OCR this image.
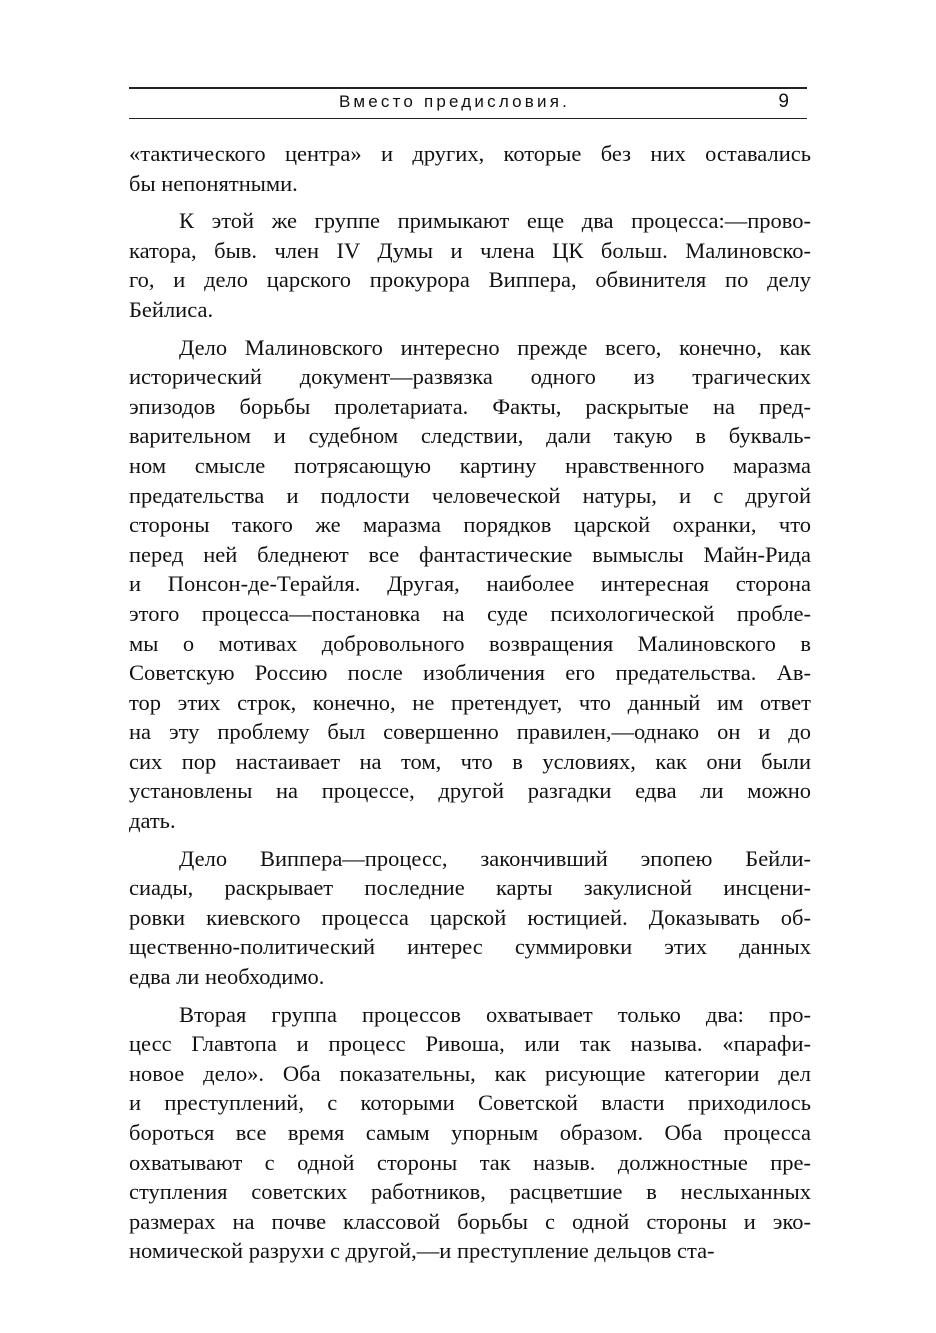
Вместо предисловия.	9
«тактического центра» и других, которые без них оставались
бы непонятными.
К этой же группе примыкают еще два процесса:—прово-
катора, быв. член IV Думы и члена ЦК больш. Малиновско-
го, и дело царского прокурора Виппера, обвинителя по делу
Бейлиса.
Дело Малиновского интересно прежде всего, конечно, как
исторический документ—развязка одного из трагических
эпизодов борьбы пролетариата. Факты, раскрытые на пред-
варительном и судебном следствии, дали такую в букваль-
ном смысле потрясающую картину нравственного маразма
предательства и подлости человеческой натуры, и с другой
стороны такого же маразма порядков царской охранки, что
перед ней бледнеют все фантастические вымыслы Майн-Рида
и Понсон-де-Терайля. Другая, наиболее интересная сторона
этого процесса—постановка на суде психологической пробле-
мы о мотивах добровольного возвращения Малиновского в
Советскую Россию после изобличения его предательства. Ав-
тор этих строк, конечно, не претендует, что данный им ответ
на эту проблему был совершенно правилен,—однако он и до
сих пор настаивает на том, что в условиях, как они были
установлены на процессе, другой разгадки едва ли можно
дать.
Дело Виппера—процесс, закончивший эпопею Бейли-
сиады, раскрывает последние карты закулисной инсцени-
ровки киевского процесса царской юстицией. Доказывать об-
щественно-политический интерес суммировки этих данных
едва ли необходимо.
Вторая группа процессов охватывает только два: про-
цесс Главтопа и процесс Ривоша, или так называ. «парафи-
новое дело». Оба показательны, как рисующие категории дел
и преступлений, с которыми Советской власти приходилось
бороться все время самым упорным образом. Оба процесса
охватывают с одной стороны так назыв. должностные пре-
ступления советских работников, расцветшие в неслыханных
размерах на почве классовой борьбы с одной стороны и эко-
номической разрухи с другой,—и преступление дельцов ста-
